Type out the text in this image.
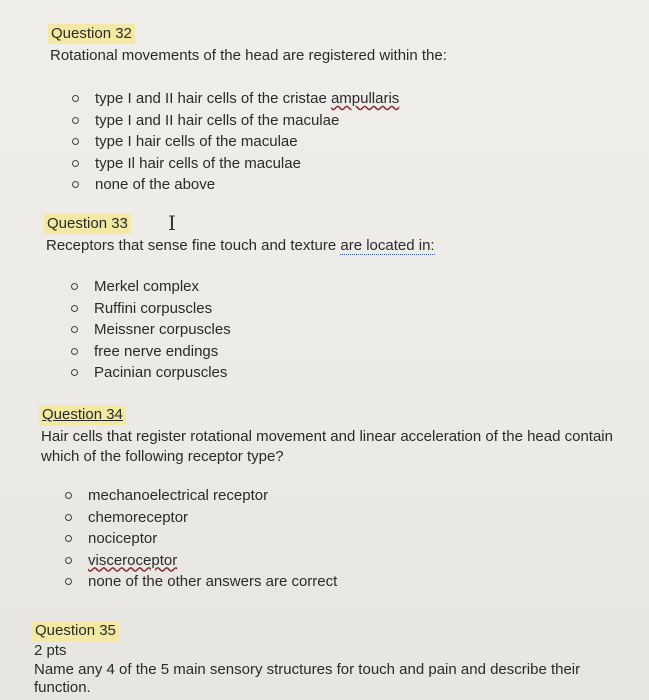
Question 32
Rotational movements of the head are registered within the:
type I and II hair cells of the cristae ampullaris
type I and II hair cells of the maculae
type I hair cells of the maculae
type Il hair cells of the maculae
none of the above
I
Question 33
Receptors that sense fine touch and texture are located in:
Merkel complex
Ruffini corpuscles
Meissner corpuscles
free nerve endings
Pacinian corpuscles
Question 34
Hair cells that register rotational movement and linear acceleration of the head contain
which of the following receptor type?
mechanoelectrical receptor
chemoreceptor
nociceptor
visceroceptor
none of the other answers are correct
Question 35
2 pts
Name any 4 of the 5 main sensory structures for touch and pain and describe their
function.
